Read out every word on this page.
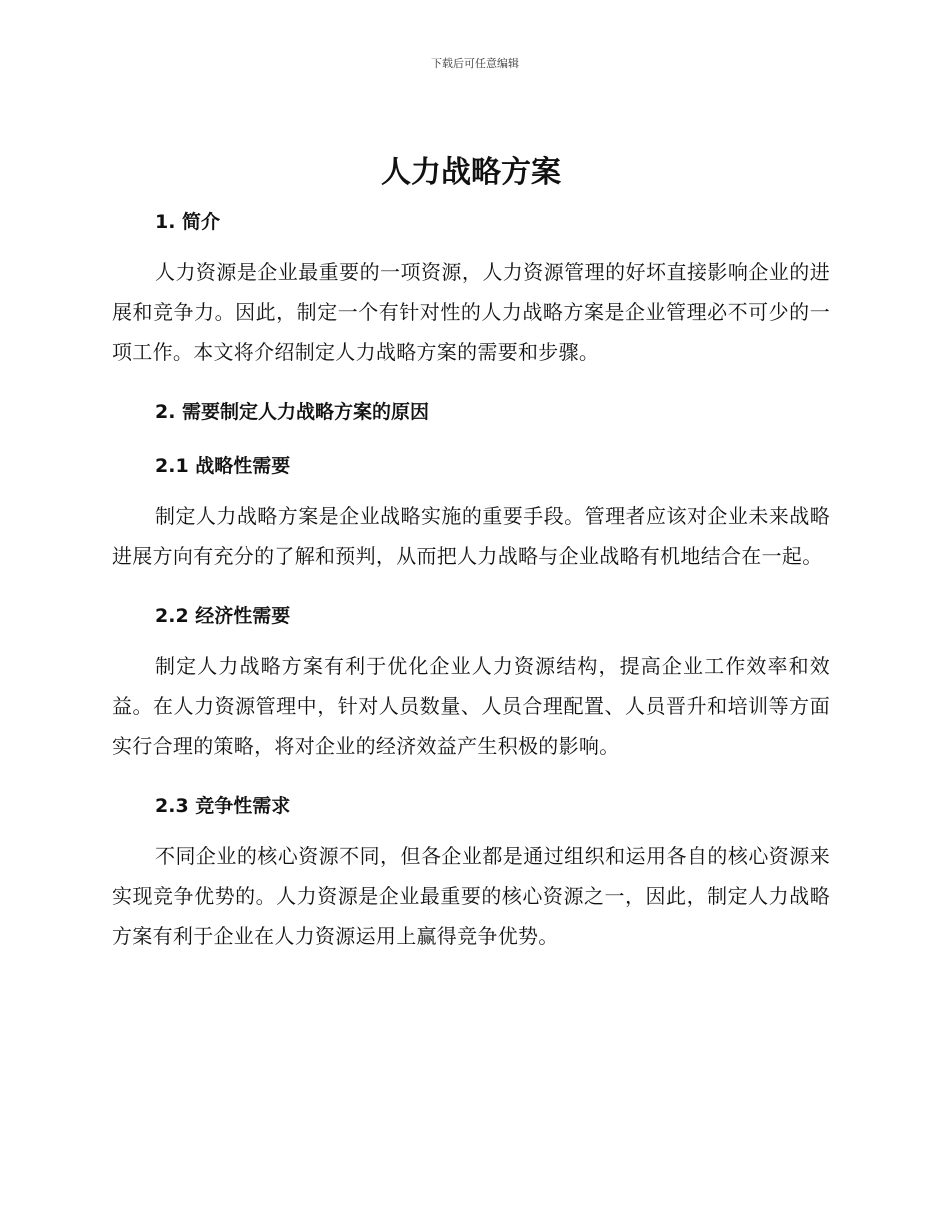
下载后可任意编辑
人力战略方案
1. 简介

人力资源是企业最重要的一项资源，人力资源管理的好坏直接影响企业的进展和竞争力。因此，制定一个有针对性的人力战略方案是企业管理必不可少的一项工作。本文将介绍制定人力战略方案的需要和步骤。

2. 需要制定人力战略方案的原因
2.1 战略性需要

制定人力战略方案是企业战略实施的重要手段。管理者应该对企业未来战略进展方向有充分的了解和预判，从而把人力战略与企业战略有机地结合在一起。

2.2 经济性需要

制定人力战略方案有利于优化企业人力资源结构，提高企业工作效率和效益。在人力资源管理中，针对人员数量、人员合理配置、人员晋升和培训等方面实行合理的策略，将对企业的经济效益产生积极的影响。

2.3 竞争性需求

不同企业的核心资源不同，但各企业都是通过组织和运用各自的核心资源来实现竞争优势的。人力资源是企业最重要的核心资源之一，因此，制定人力战略方案有利于企业在人力资源运用上赢得竞争优势。
